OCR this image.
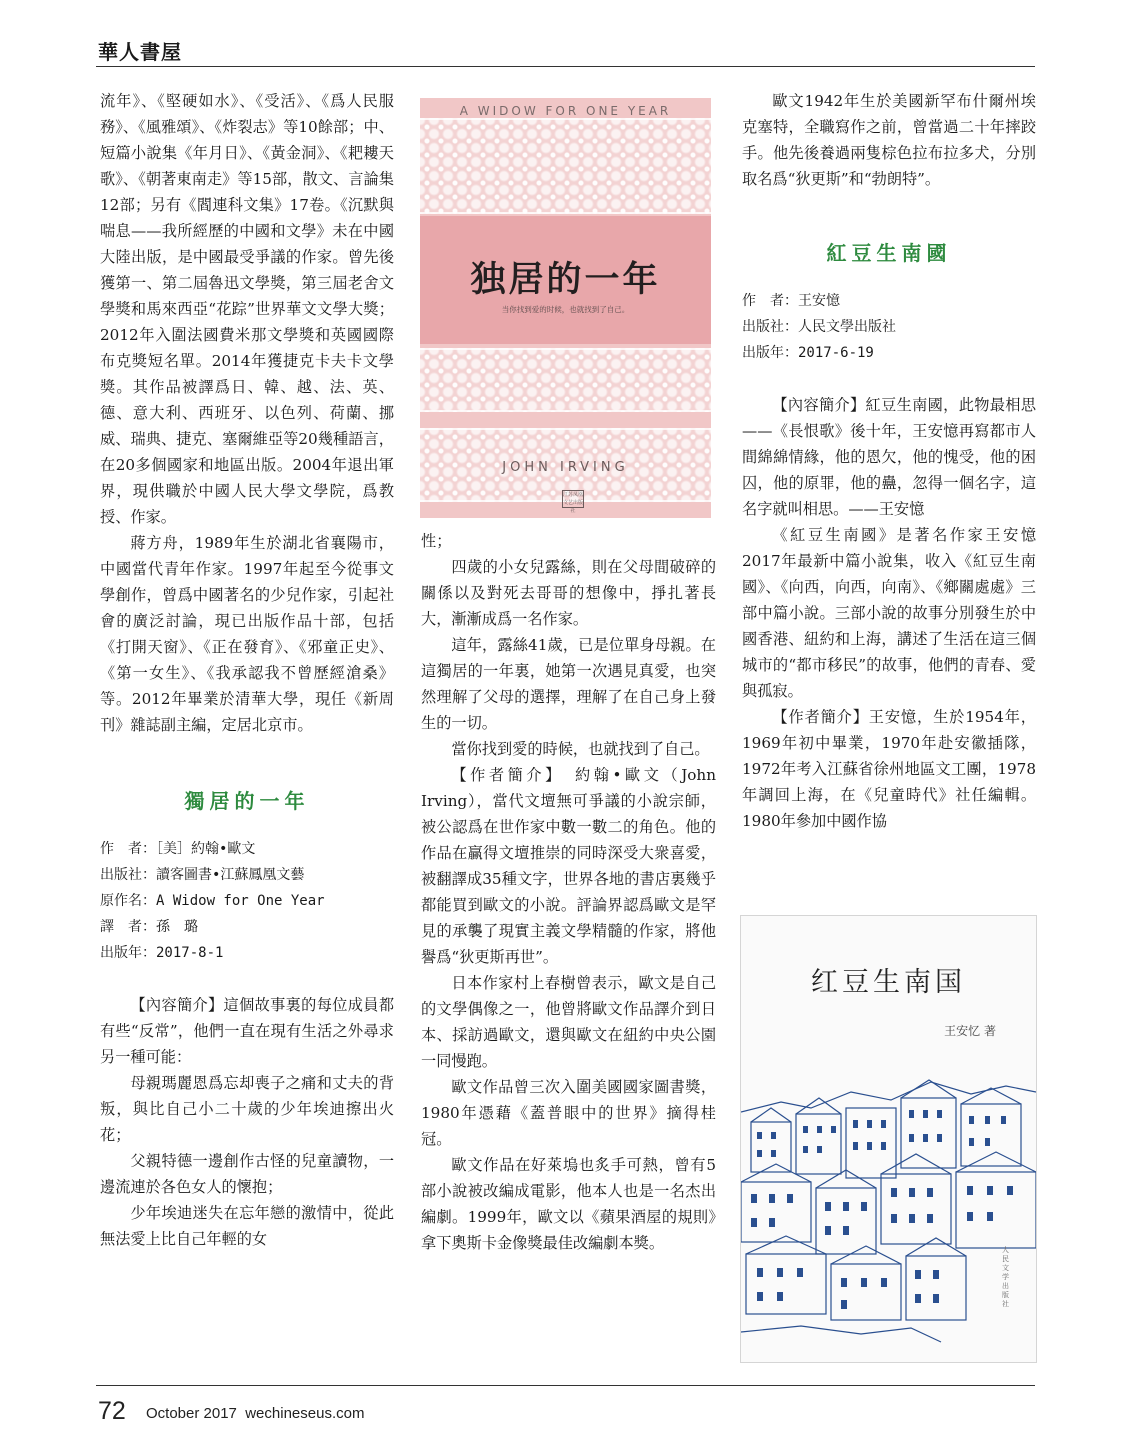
華人書屋

流年》、《堅硬如水》、《受活》、《爲人民服務》、《風雅頌》、《炸裂志》等10餘部；中、短篇小說集《年月日》、《黃金洞》、《耙耬天歌》、《朝著東南走》等15部，散文、言論集12部；另有《閻連科文集》17卷。《沉默與喘息——我所經歷的中國和文學》未在中國大陸出版，是中國最受爭議的作家。曾先後獲第一、第二屆魯迅文學獎，第三屆老舍文學獎和馬來西亞“花踪”世界華文文學大獎；2012年入圍法國費米那文學獎和英國國際布克獎短名單。2014年獲捷克卡夫卡文學獎。其作品被譯爲日、韓、越、法、英、德、意大利、西班牙、以色列、荷蘭、挪威、瑞典、捷克、塞爾維亞等20幾種語言，在20多個國家和地區出版。2004年退出軍界，現供職於中國人民大學文學院，爲教授、作家。

蔣方舟，1989年生於湖北省襄陽市，中國當代青年作家。1997年起至今從事文學創作，曾爲中國著名的少兒作家，引起社會的廣泛討論，現已出版作品十部，包括《打開天窗》、《正在發育》、《邪童正史》、《第一女生》、《我承認我不曾歷經滄桑》等。2012年畢業於清華大學，現任《新周刊》雜誌副主編，定居北京市。

獨居的一年

作　者：［美］約翰•歐文
出版社：讀客圖書•江蘇鳳凰文藝
原作名：A Widow for One Year
譯　者：孫　璐
出版年：2017-8-1

【內容簡介】這個故事裏的每位成員都有些“反常”，他們一直在現有生活之外尋求另一種可能：

母親瑪麗恩爲忘却喪子之痛和丈夫的背叛，與比自己小二十歲的少年埃迪擦出火花；

父親特德一邊創作古怪的兒童讀物，一邊流連於各色女人的懷抱；

少年埃迪迷失在忘年戀的激情中，從此無法愛上比自己年輕的女

A WIDOW FOR ONE YEAR
独居的一年
当你找到爱的时候，也就找到了自己。
JOHN IRVING
江苏凤凰文艺出版社

性；

四歲的小女兒露絲，則在父母間破碎的關係以及對死去哥哥的想像中，掙扎著長大，漸漸成爲一名作家。

這年，露絲41歲，已是位單身母親。在這獨居的一年裏，她第一次遇見真愛，也突然理解了父母的選擇，理解了在自己身上發生的一切。

當你找到愛的時候，也就找到了自己。

【作者簡介】　約翰•歐文（John Irving），當代文壇無可爭議的小說宗師，被公認爲在世作家中數一數二的角色。他的作品在贏得文壇推崇的同時深受大衆喜愛，被翻譯成35種文字，世界各地的書店裏幾乎都能買到歐文的小說。評論界認爲歐文是罕見的承襲了現實主義文學精髓的作家，將他譽爲“狄更斯再世”。

日本作家村上春樹曾表示，歐文是自己的文學偶像之一，他曾將歐文作品譯介到日本、採訪過歐文，還與歐文在紐約中央公園一同慢跑。

歐文作品曾三次入圍美國國家圖書獎，1980年憑藉《蓋普眼中的世界》摘得桂冠。

歐文作品在好萊塢也炙手可熱，曾有5部小說被改編成電影，他本人也是一名杰出編劇。1999年，歐文以《蘋果酒屋的規則》拿下奧斯卡金像獎最佳改編劇本獎。

歐文1942年生於美國新罕布什爾州埃克塞特，全職寫作之前，曾當過二十年摔跤手。他先後養過兩隻棕色拉布拉多犬，分別取名爲“狄更斯”和“勃朗特”。

紅豆生南國

作　者：王安憶
出版社：人民文學出版社
出版年：2017-6-19

【內容簡介】紅豆生南國，此物最相思——《長恨歌》後十年，王安憶再寫都市人間綿綿情緣，他的恩欠，他的愧受，他的困囚，他的原罪，他的蠱，忽得一個名字，這名字就叫相思。——王安憶

《紅豆生南國》是著名作家王安憶2017年最新中篇小說集，收入《紅豆生南國》、《向西，向西，向南》、《鄉關處處》三部中篇小說。三部小說的故事分別發生於中國香港、紐約和上海，講述了生活在這三個城市的“都市移民”的故事，他們的青春、愛與孤寂。

【作者簡介】王安憶，生於1954年，1969年初中畢業，1970年赴安徽插隊，1972年考入江蘇省徐州地區文工團，1978年調回上海，在《兒童時代》社任編輯。1980年參加中國作協

红豆生南国
王安忆 著
人民文学出版社
72 October 2017  wechineseus.com
